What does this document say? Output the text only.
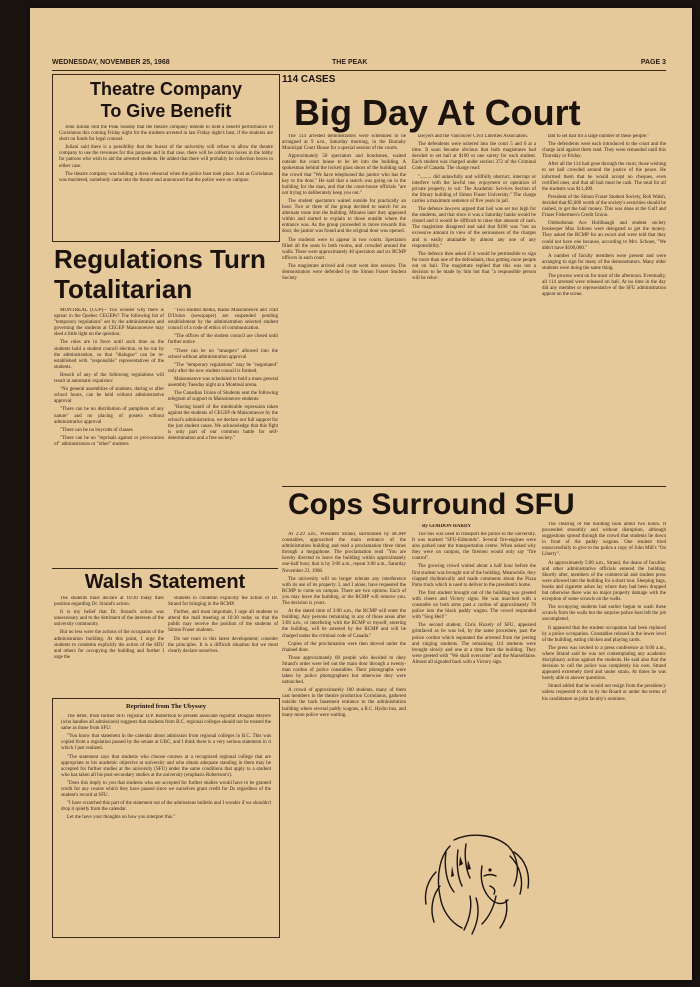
WEDNESDAY, NOVEMBER 25, 1968	THE PEAK	PAGE 3
Theatre Company
To Give Benefit

John Juliani told the Peak Sunday that the theatre company intends to hold a benefit performance of Coriolanus this coming Friday night for the students arrested in last Friday night's bust, if the students are short on funds for legal counsel.

Juliani said there is a possibility that the bursar of the university will refuse to allow the theatre company to use the revenues for this purpose and in that case, there will be collection boxes in the lobby for patrons who wish to aid the arrested students. He added that there will probably be collection boxes in either case.

The theatre company was holding a dress rehearsal when the police bust took place. Just as Coriolanus was murdered, somebody came into the theatre and announced that the police were on campus.

Regulations Turn
Totalitarian

MONTREAL (CUP)-- You wonder why there is uproar in the Quebec CEGEPs? The following list of "temporary regulations" set by the administration and governing the students at CEGEP Maisonneuve may shed a little light on the question.

The rules are in force until such time as the students hold a student council election, to be run by the administration, so that "dialogue" can be re-established with "responsible" representatives of the students.

Breach of any of the following regulations will result in automatic expulsion:

"No general assemblies of students, during or after school hours, can be held without administrative approval

"There can be no distribution of pamphlets of any nature" and no placing of posters without administrative approval

"There can be no boycotts of classes

"There can be no "reprisals against or provocation of" administrators or "other" students

"Two student media, Radio Maisonneuve and Trait D'Union (newspaper) are suspended pending establishment by the administration selected student council of a code of ethics of communication.

"The offices of the student council are closed until further notice

"There can be no "strangers" allowed into the school without administration approval

"The "temporary regulations" may be "negotiated" only after the new student council is formed.

Maisonneuve was scheduled to hold a mass general assembly Tuesday night at a Montreal arena.

The Canadian Union of Students sent the following telegram of support to Maisonneuve students:

"Having heard of the intolerable repression taken against the students of CEGEP de Maisonneuve by the school's administration, we declare our full support for the just student cause. We acknowledge that this fight is only part of our common battle for self-determination and a free society."

Walsh Statement

The students must declare at 10:30 today their position regarding Dr. Strand's action.

It is my belief that Dr. Strand's action was unnecessary and to the detriment of the interests of the university community.

But no less were the actions of the occupants of the administration building. At this point, I urge the students to condemn explicitly the action of the SDU and others for occupying the building and further I urge the

students to condemn explicitly the action of Dr. Strand for bringing in the RCMP.

Further, and most important, I urge all students to attend the mall meeting at 10:30 today so that the public may receive the position of the students of Simon Fraser students.

Do not react to this latest development; consider the principles. It is a difficult situation but we must clearly declare ourselves.

Reprinted from The Ubyssey

The letter, from former SFU registrar D.P. Robertson to present associate registrar Douglas Meyers (who handles all admissions) suggests that students from B.C. regional colleges should not be treated the same as those from SFU:

"You know that statement in the calendar about admission from regional colleges in B.C. This was copied from a regulation passed by the senate at UBC, and I think there is a very serious statement in it which I just realized.

"The statement says that students who choose courses at a recognized regional college that are appropriate to his academic objective at university and who obtain adequate standing in them may be accepted for further studies at the university (SFU) under the same conditions that apply to a student who has taken all his post-secondary studies at the university (emphasis Robertson's).

"Does this imply to you that students who are accepted for further studies would have to be granted credit for any course which they have passed since we ourselves grant credit for Ds regardless of the student's record at SFU.

"I have scratched this part of the statement out of the admissions bulletin and I wonder if we shouldn't drop it quietly from the calendar.

Let me have your thoughts on how you interpret this."

114 CASES
Big Day At Court

The 114 arrested demonstrators were scheduled to be arraigned at 9 a.m., Saturday morning, in the Burnaby Municipal Court House for a special session of the courts.

Approximately 50 spectators and bondsmen, waited outside the court house to be let into the building. A spokesman behind the locked glass doors of the building said the crowd that "We have telephoned the janitor who has the key to the door." He said that a search was going on in the building for the man, and that the court-house officials "are not trying to deliberately keep you out."

The student spectators waited outside for practically an hour. Two or three of the group decided to search for an alternate route into the building. Minutes later they appeared within and started to explain to those outside where the entrance was. As the group proceeded to move towards this door, the janitor was found and the original door was opened.

The students were to appear in two courts. Spectators filled all the seats in both rooms, and crowded around the walls. There were approximately 40 spectators and six RCMP officers in each court.

The magistrate arrived and court went into session. The demonstrators were defended by the Simon Fraser Student Society

lawyers and the Vancouver Civil Liberties Association.

The defendents were ushered into the court 5 and 6 at a time. It soon became obvious that both magistrates had decided to set bail at $100 or one surety for each student. Each student was charged under section 372 of the Criminal Code of Canada. The charge read:

"......... did unlawfully and willfully obstruct, interrupt or interfere with the lawful use, enjoyment or operation of private property, to wit: The Academic Services Section of the library building of Simon Fraser University." The charge carries a maximum sentence of five years in jail.

The defence lawyers argued that bail was set too high for the students, and that since it was a Saturday banks would be closed and it would be difficult to raise that amount of cash. The magistrate disagreed and said that $100 was "not an excessive amount in view of the seriousness of the charges and is easily attainable by almost any one of any responsibility."

The defence then asked if it would be permissible to sign for more than one of the defendants, thus getting more people out on bail. The magistrate replied that this was not a decision to be made by him but that "a responsible person will be reluc-

tant to set bail for a large number of these people."

The defendents were each introduced to the court and the charge laid against them read. They were remanded until this Thursday or Friday.

After all the 114 had gone through the court, those wishing to set bail crowded around the justice of the peace. He informed them that he would accept no cheques, even certified ones, and that all bail must be cash. The total for all the students was $11,400.

President of the Simon Fraser Student Society, Rob Walsh, decided that $5,000 worth of the society's securities should be cashed, to get the bail money. This was done at the Gulf and Fraser Fishermen's Credit Union.

Ombudsman Ace Hollibaugh and student society bookeeper Max Schoen were delegated to get the money. They asked the RCMP for an escort and were told that they could not have one because, according to Mrs. Schoen, "We didn't have $100,000."

A number of faculty members were present and were arranging to sign for many of the demonstrators. Many older students were doing the same thing.

The process went on for most of the afternoon. Eventually, all 114 arrested were released on bail. At no time in the day did any member or representative of the SFU administration appear on the scene.

Cops Surround SFU
By GORDON HARDY

At 2:29 a.m., President Strand, surrounded by RCMP constables, approached the main entrance of the administration building and read a proclamation three times through a megaphone. The proclamation read "You are hereby directed to leave the building within approximately one-half hour, that is by 3:00 a.m., repeat 3:00 a.m., Saturday November 23, 1968.

The university will no longer tolerate any interference with its use of its property. I, and I alone, have requested the RCMP to come on campus. There are two options. Each of you may leave the building, or the RCMP will remove you. The decision is yours.

At the stated time of 3:00 a.m., the RCMP will enter the building. Any persons remaining in any of those areas after 3:00 a.m., or interfering with the RCMP or myself, entering the building, will be arrested by the RCMP and will be charged under the criminal code of Canada."

Copies of the proclamation were then shoved under the chained door.

Those approximately 60 people who decided to obey Strand's order were led out the main door through a twenty-man cordon of police constables. Their photographs were taken by police photographers but otherwise they were untouched.

A crowd of approximately 100 students, many of them cast members in the theatre production Coriolanus, gathered outside the back basement entrance to the administration building where several paddy wagons, a B.C. Hydro bus, and many more police were waiting.

The bus was used to transport the police to the university. It was marked "SFU-Edmonds". Several fire-engines were also parked near the transportation centre. When asked why they were on campus, the firemen would only say "fire control".

The growing crowd waited about a half hour before the first student was brought out of the building. Meanwhile, they clapped rhythmically and made comments about the Pizza Patio truck which is used to deliver to the president's home.

The first student brought out of the building was greeted with cheers and Victory signs. He was marched with a constable on both arms past a cordon of approximately 70 police into the black paddy wagon. The crowd responded with "Sieg Heil!"

The second student, Chris Huxely of SFU, appeared grimfaced as he was led, by the same procedure, past the police cordon which separated the arrested from the jeering and singing students. The remaining 114 students were brought slowly and one at a time from the building. They were greeted with "We shall overcome" and the Marseillaise. Almost all signaled back with a Victory sign.

The clearing of the building took about two hours. It proceeded smoothly and without disruption, although suggestions spread through the crowd that students lie down in front of the paddy wagons. One student tried unsuccessfully to give to the police a copy of John Mill's "On Liberty".

At approximately 5:00 a.m., Strand, the deans of faculties and other administrative officials entered the building. Shortly after, members of the commercial and student press were allowed into the building for a short tour. Sleeping bags, books and cigarette ashes lay where they had been dropped but otherwise there was no major property damage with the exception of some scrawls on the walls.

The occupying students had earlier begun to wash these scrawls from the walls but the surprise police bust left the job uncompleted.

It appeared that the student occupation had been replaced by a police occupation. Constables relaxed in the lower level of the building, eating chicken and playing cards.

The press was invited to a press conference at 6:00 a.m., where Strand said he was not contemplating any academic disciplinary action against the students. He said also that the decision to call the police was completely his own. Strand appeared extremely tired and under strain. At times he was barely able to answer questions.

Strand added that he would not resign from the presidency unless requested to do so by the Board or under the terms of his candidature as joint faculty's nominee.
